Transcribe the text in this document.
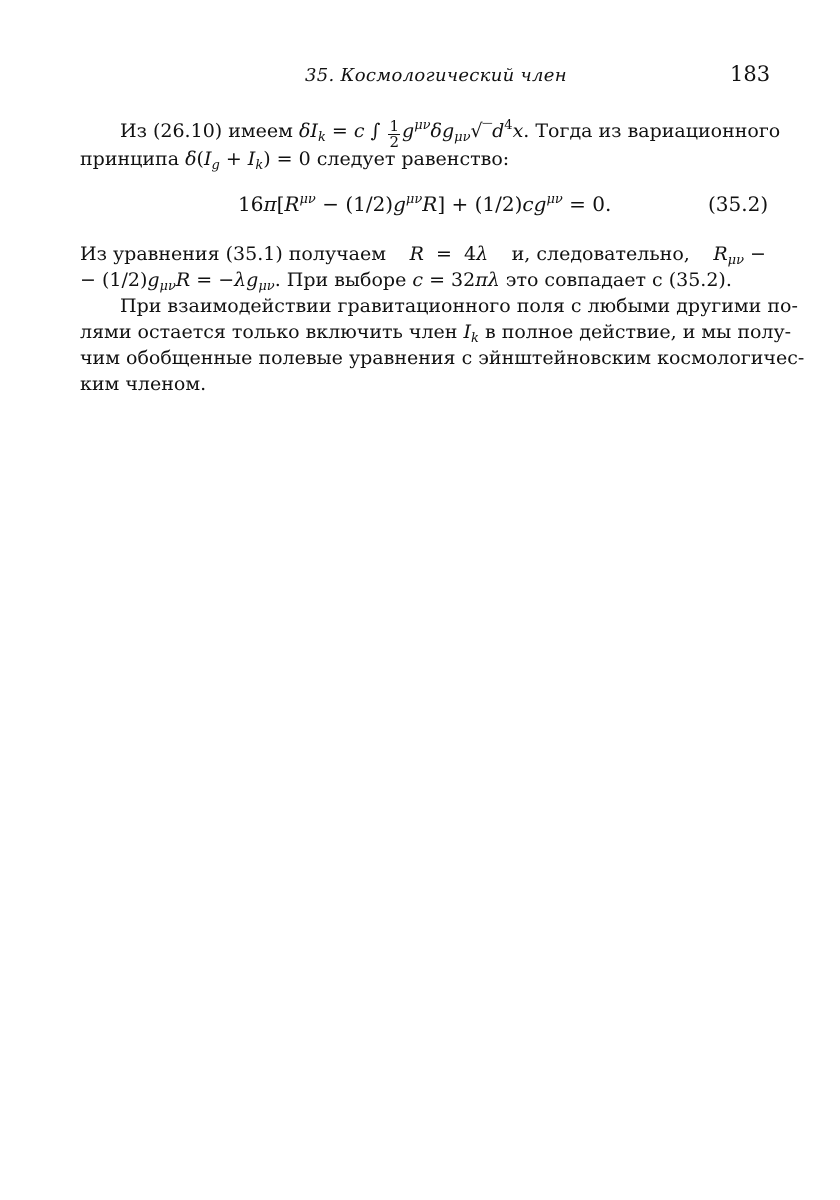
35. Космологический член	183
Из (26.10) имеем $\delta I_k = c$ ∫ $\frac{1}{2}$ $g^{\mu\nu}\delta g_{\mu\nu}√‾d^4x$. Тогда из вариационного
принципа $\delta(I_g + I_k) = 0$ следует равенство:
$16\pi[R^{\mu\nu} - (1/2)g^{\mu\nu}R] + (1/2)cg^{\mu\nu} = 0$.	(35.2)
Из уравнения (35.1) получаем R  =  4λ и, следовательно, $R_{\mu\nu}$ −
− $(1/2)g_{\mu\nu}R = -\lambda g_{\mu\nu}$. При выборе c = 32πλ это совпадает с (35.2).
При взаимодействии гравитационного поля с любыми другими по-
лями остается только включить член $I_k$ в полное действие, и мы полу-
чим обобщенные полевые уравнения с эйнштейновским космологичес-
ким членом.
